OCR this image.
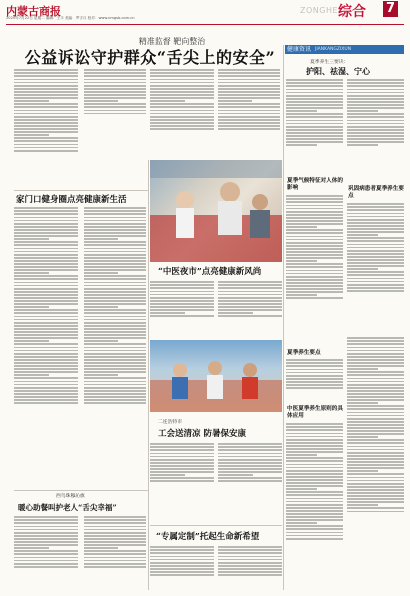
内蒙古商报
2025年7月22日 星期二 编辑：王丰 美编：罗字月 校对：www.nmgsb.com.cn
ZONGHE 综合 7
精准监督 靶向整治
公益诉讼守护群众“舌尖上的安全”
家门口健身圈点亮健康新生活
“中医夜市”点亮健康新风尚
西乌珠穆沁旗
暖心助餐叫护老人“舌尖幸福”
二连浩特市
工会送清凉 防暑保安康
“专属定制”托起生命新希望
健康资讯 JIANKANGZIXUN
夏季养生三要诀：
护阳、祛湿、宁心
夏季气候特征对人体的影响	巩固病患者夏季养生要点
夏季养生要点
中医夏季养生原则的具体应用
